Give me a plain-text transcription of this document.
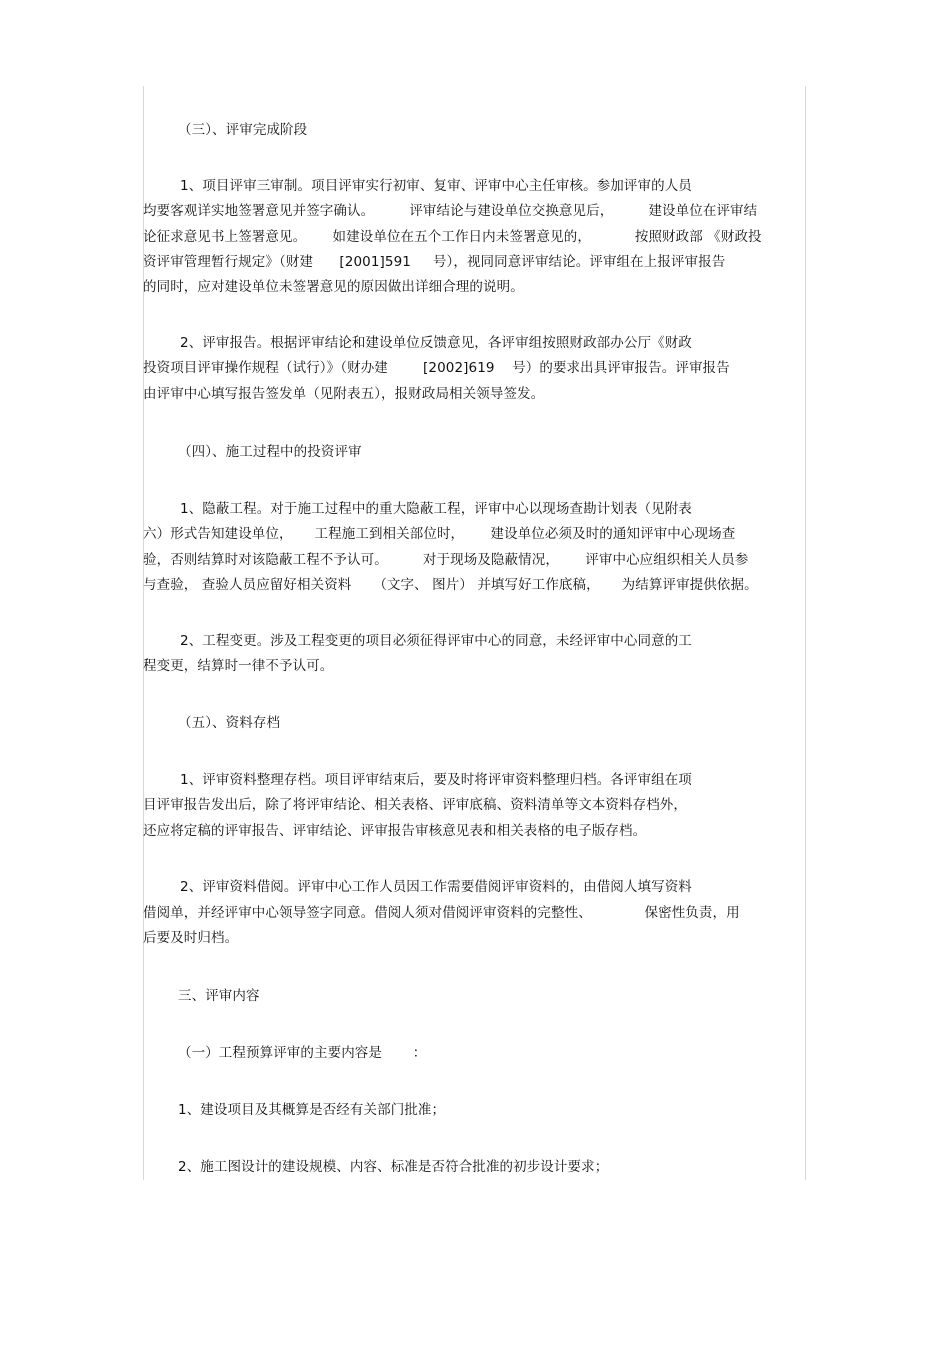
（三）、评审完成阶段
1、项目评审三审制。项目评审实行初审、复审、评审中心主任审核。参加评审的人员
均要客观详实地签署意见并签字确认。        评审结论与建设单位交换意见后，        建设单位在评审结
论征求意见书上签署意见。      如建设单位在五个工作日内未签署意见的，          按照财政部 《财政投
资评审管理暂行规定》（财建      [2001]591     号），视同同意评审结论。评审组在上报评审报告
的同时，应对建设单位未签署意见的原因做出详细合理的说明。
2、评审报告。根据评审结论和建设单位反馈意见，各评审组按照财政部办公厅《财政
投资项目评审操作规程（试行）》（财办建        [2002]619    号）的要求出具评审报告。评审报告
由评审中心填写报告签发单（见附表五），报财政局相关领导签发。
（四）、施工过程中的投资评审
1、隐蔽工程。对于施工过程中的重大隐蔽工程，评审中心以现场查勘计划表（见附表
六）形式告知建设单位，     工程施工到相关部位时，      建设单位必须及时的通知评审中心现场查
验，否则结算时对该隐蔽工程不予认可。        对于现场及隐蔽情况，      评审中心应组织相关人员参
与查验， 查验人员应留好相关资料     （文字、 图片） 并填写好工作底稿，     为结算评审提供依据。
2、工程变更。涉及工程变更的项目必须征得评审中心的同意，未经评审中心同意的工
程变更，结算时一律不予认可。
（五）、资料存档
1、评审资料整理存档。项目评审结束后，要及时将评审资料整理归档。各评审组在项
目评审报告发出后，除了将评审结论、相关表格、评审底稿、资料清单等文本资料存档外，
还应将定稿的评审报告、评审结论、评审报告审核意见表和相关表格的电子版存档。
2、评审资料借阅。评审中心工作人员因工作需要借阅评审资料的，由借阅人填写资料
借阅单，并经评审中心领导签字同意。借阅人须对借阅评审资料的完整性、            保密性负责，用
后要及时归档。
三、评审内容
（一）工程预算评审的主要内容是       ：
1、建设项目及其概算是否经有关部门批准；
2、施工图设计的建设规模、内容、标准是否符合批准的初步设计要求；
